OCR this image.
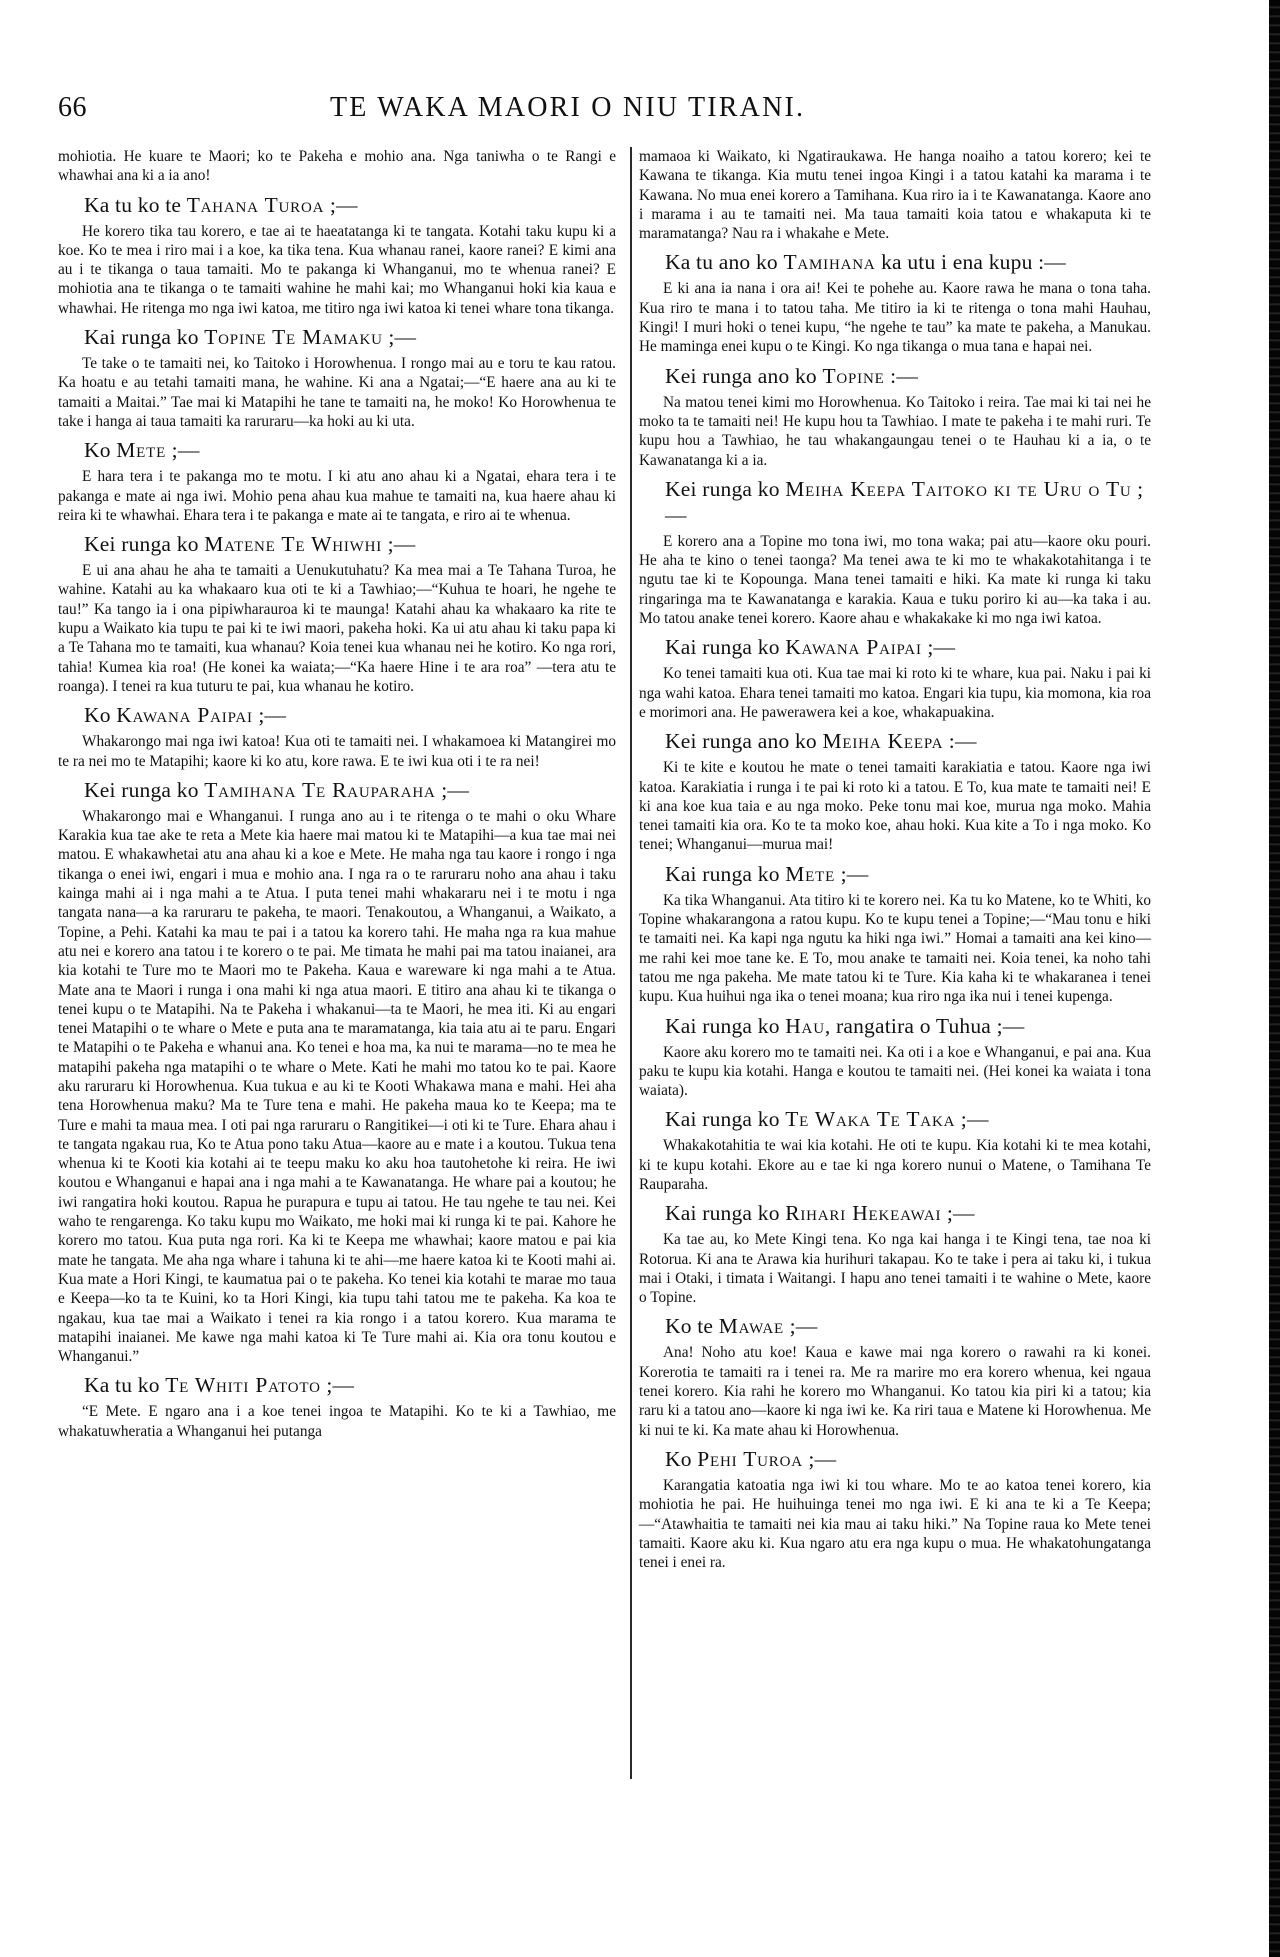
66	TE WAKA MAORI O NIU TIRANI.

mohiotia. He kuare te Maori; ko te Pakeha e mohio ana. Nga taniwha o te Rangi e whawhai ana ki a ia ano!

Ka tu ko te Tahana Turoa ;—

He korero tika tau korero, e tae ai te haeatatanga ki te tangata. Kotahi taku kupu ki a koe. Ko te mea i riro mai i a koe, ka tika tena. Kua whanau ranei, kaore ranei? E kimi ana au i te tikanga o taua tamaiti. Mo te pakanga ki Whanganui, mo te whenua ranei? E mohiotia ana te tikanga o te tamaiti wahine he mahi kai; mo Whanganui hoki kia kaua e whawhai. He ritenga mo nga iwi katoa, me titiro nga iwi katoa ki tenei whare tona tikanga.

Kai runga ko Topine Te Mamaku ;—

Te take o te tamaiti nei, ko Taitoko i Horowhenua. I rongo mai au e toru te kau ratou. Ka hoatu e au tetahi tamaiti mana, he wahine. Ki ana a Ngatai;—“E haere ana au ki te tamaiti a Maitai.” Tae mai ki Matapihi he tane te tamaiti na, he moko! Ko Horowhenua te take i hanga ai taua tamaiti ka raruraru—ka hoki au ki uta.

Ko Mete ;—

E hara tera i te pakanga mo te motu. I ki atu ano ahau ki a Ngatai, ehara tera i te pakanga e mate ai nga iwi. Mohio pena ahau kua mahue te tamaiti na, kua haere ahau ki reira ki te whawhai. Ehara tera i te pakanga e mate ai te tangata, e riro ai te whenua.

Kei runga ko Matene Te Whiwhi ;—

E ui ana ahau he aha te tamaiti a Uenukutuhatu? Ka mea mai a Te Tahana Turoa, he wahine. Katahi au ka whakaaro kua oti te ki a Tawhiao;—“Kuhua te hoari, he ngehe te tau!” Ka tango ia i ona pipiwharauroa ki te maunga! Katahi ahau ka whakaaro ka rite te kupu a Waikato kia tupu te pai ki te iwi maori, pakeha hoki. Ka ui atu ahau ki taku papa ki a Te Tahana mo te tamaiti, kua whanau? Koia tenei kua whanau nei he kotiro. Ko nga rori, tahia! Kumea kia roa! (He konei ka waiata;—“Ka haere Hine i te ara roa” —tera atu te roanga). I tenei ra kua tuturu te pai, kua whanau he kotiro.

Ko Kawana Paipai ;—

Whakarongo mai nga iwi katoa! Kua oti te tamaiti nei. I whakamoea ki Matangirei mo te ra nei mo te Matapihi; kaore ki ko atu, kore rawa. E te iwi kua oti i te ra nei!

Kei runga ko Tamihana Te Rauparaha ;—

Whakarongo mai e Whanganui. I runga ano au i te ritenga o te mahi o oku Whare Karakia kua tae ake te reta a Mete kia haere mai matou ki te Matapihi—a kua tae mai nei matou. E whakawhetai atu ana ahau ki a koe e Mete. He maha nga tau kaore i rongo i nga tikanga o enei iwi, engari i mua e mohio ana. I nga ra o te raruraru noho ana ahau i taku kainga mahi ai i nga mahi a te Atua. I puta tenei mahi whakararu nei i te motu i nga tangata nana—a ka raruraru te pakeha, te maori. Tenakoutou, a Whanganui, a Waikato, a Topine, a Pehi. Katahi ka mau te pai i a tatou ka korero tahi. He maha nga ra kua mahue atu nei e korero ana tatou i te korero o te pai. Me timata he mahi pai ma tatou inaianei, ara kia kotahi te Ture mo te Maori mo te Pakeha. Kaua e wareware ki nga mahi a te Atua. Mate ana te Maori i runga i ona mahi ki nga atua maori. E titiro ana ahau ki te tikanga o tenei kupu o te Matapihi. Na te Pakeha i whakanui—ta te Maori, he mea iti. Ki au engari tenei Matapihi o te whare o Mete e puta ana te maramatanga, kia taia atu ai te paru. Engari te Matapihi o te Pakeha e whanui ana. Ko tenei e hoa ma, ka nui te marama—no te mea he matapihi pakeha nga matapihi o te whare o Mete. Kati he mahi mo tatou ko te pai. Kaore aku raruraru ki Horowhenua. Kua tukua e au ki te Kooti Whakawa mana e mahi. Hei aha tena Horowhenua maku? Ma te Ture tena e mahi. He pakeha maua ko te Keepa; ma te Ture e mahi ta maua mea. I oti pai nga raruraru o Rangitikei—i oti ki te Ture. Ehara ahau i te tangata ngakau rua, Ko te Atua pono taku Atua—kaore au e mate i a koutou. Tukua tena whenua ki te Kooti kia kotahi ai te teepu maku ko aku hoa tautohetohe ki reira. He iwi koutou e Whanganui e hapai ana i nga mahi a te Kawanatanga. He whare pai a koutou; he iwi rangatira hoki koutou. Rapua he purapura e tupu ai tatou. He tau ngehe te tau nei. Kei waho te rengarenga. Ko taku kupu mo Waikato, me hoki mai ki runga ki te pai. Kahore he korero mo tatou. Kua puta nga rori. Ka ki te Keepa me whawhai; kaore matou e pai kia mate he tangata. Me aha nga whare i tahuna ki te ahi—me haere katoa ki te Kooti mahi ai. Kua mate a Hori Kingi, te kaumatua pai o te pakeha. Ko tenei kia kotahi te marae mo taua e Keepa—ko ta te Kuini, ko ta Hori Kingi, kia tupu tahi tatou me te pakeha. Ka koa te ngakau, kua tae mai a Waikato i tenei ra kia rongo i a tatou korero. Kua marama te matapihi inaianei. Me kawe nga mahi katoa ki Te Ture mahi ai. Kia ora tonu koutou e Whanganui.”

Ka tu ko Te Whiti Patoto ;—

“E Mete. E ngaro ana i a koe tenei ingoa te Matapihi. Ko te ki a Tawhiao, me whakatuwheratia a Whanganui hei putanga

mamaoa ki Waikato, ki Ngatiraukawa. He hanga noaiho a tatou korero; kei te Kawana te tikanga. Kia mutu tenei ingoa Kingi i a tatou katahi ka marama i te Kawana. No mua enei korero a Tamihana. Kua riro ia i te Kawanatanga. Kaore ano i marama i au te tamaiti nei. Ma taua tamaiti koia tatou e whakaputa ki te maramatanga? Nau ra i whakahe e Mete.

Ka tu ano ko Tamihana ka utu i ena kupu :—

E ki ana ia nana i ora ai! Kei te pohehe au. Kaore rawa he mana o tona taha. Kua riro te mana i to tatou taha. Me titiro ia ki te ritenga o tona mahi Hauhau, Kingi! I muri hoki o tenei kupu, “he ngehe te tau” ka mate te pakeha, a Manukau. He maminga enei kupu o te Kingi. Ko nga tikanga o mua tana e hapai nei.

Kei runga ano ko Topine :—

Na matou tenei kimi mo Horowhenua. Ko Taitoko i reira. Tae mai ki tai nei he moko ta te tamaiti nei! He kupu hou ta Tawhiao. I mate te pakeha i te mahi ruri. Te kupu hou a Tawhiao, he tau whakangaungau tenei o te Hauhau ki a ia, o te Kawanatanga ki a ia.

Kei runga ko Meiha Keepa Taitoko ki te Uru o Tu ;—

E korero ana a Topine mo tona iwi, mo tona waka; pai atu—kaore oku pouri. He aha te kino o tenei taonga? Ma tenei awa te ki mo te whakakotahitanga i te ngutu tae ki te Kopounga. Mana tenei tamaiti e hiki. Ka mate ki runga ki taku ringaringa ma te Kawanatanga e karakia. Kaua e tuku poriro ki au—ka taka i au. Mo tatou anake tenei korero. Kaore ahau e whakakake ki mo nga iwi katoa.

Kai runga ko Kawana Paipai ;—

Ko tenei tamaiti kua oti. Kua tae mai ki roto ki te whare, kua pai. Naku i pai ki nga wahi katoa. Ehara tenei tamaiti mo katoa. Engari kia tupu, kia momona, kia roa e morimori ana. He pawerawera kei a koe, whakapuakina.

Kei runga ano ko Meiha Keepa :—

Ki te kite e koutou he mate o tenei tamaiti karakiatia e tatou. Kaore nga iwi katoa. Karakiatia i runga i te pai ki roto ki a tatou. E To, kua mate te tamaiti nei! E ki ana koe kua taia e au nga moko. Peke tonu mai koe, murua nga moko. Mahia tenei tamaiti kia ora. Ko te ta moko koe, ahau hoki. Kua kite a To i nga moko. Ko tenei; Whanganui—murua mai!

Kai runga ko Mete ;—

Ka tika Whanganui. Ata titiro ki te korero nei. Ka tu ko Matene, ko te Whiti, ko Topine whakarangona a ratou kupu. Ko te kupu tenei a Topine;—“Mau tonu e hiki te tamaiti nei. Ka kapi nga ngutu ka hiki nga iwi.” Homai a tamaiti ana kei kino—me rahi kei moe tane ke. E To, mou anake te tamaiti nei. Koia tenei, ka noho tahi tatou me nga pakeha. Me mate tatou ki te Ture. Kia kaha ki te whakaranea i tenei kupu. Kua huihui nga ika o tenei moana; kua riro nga ika nui i tenei kupenga.

Kai runga ko Hau, rangatira o Tuhua ;—

Kaore aku korero mo te tamaiti nei. Ka oti i a koe e Whanganui, e pai ana. Kua paku te kupu kia kotahi. Hanga e koutou te tamaiti nei. (Hei konei ka waiata i tona waiata).

Kai runga ko Te Waka Te Taka ;—

Whakakotahitia te wai kia kotahi. He oti te kupu. Kia kotahi ki te mea kotahi, ki te kupu kotahi. Ekore au e tae ki nga korero nunui o Matene, o Tamihana Te Rauparaha.

Kai runga ko Rihari Hekeawai ;—

Ka tae au, ko Mete Kingi tena. Ko nga kai hanga i te Kingi tena, tae noa ki Rotorua. Ki ana te Arawa kia hurihuri takapau. Ko te take i pera ai taku ki, i tukua mai i Otaki, i timata i Waitangi. I hapu ano tenei tamaiti i te wahine o Mete, kaore o Topine.

Ko te Mawae ;—

Ana! Noho atu koe! Kaua e kawe mai nga korero o rawahi ra ki konei. Korerotia te tamaiti ra i tenei ra. Me ra marire mo era korero whenua, kei ngaua tenei korero. Kia rahi he korero mo Whanganui. Ko tatou kia piri ki a tatou; kia raru ki a tatou ano—kaore ki nga iwi ke. Ka riri taua e Matene ki Horowhenua. Me ki nui te ki. Ka mate ahau ki Horowhenua.

Ko Pehi Turoa ;—

Karangatia katoatia nga iwi ki tou whare. Mo te ao katoa tenei korero, kia mohiotia he pai. He huihuinga tenei mo nga iwi. E ki ana te ki a Te Keepa;—“Atawhaitia te tamaiti nei kia mau ai taku hiki.” Na Topine raua ko Mete tenei tamaiti. Kaore aku ki. Kua ngaro atu era nga kupu o mua. He whakatohungatanga tenei i enei ra.
